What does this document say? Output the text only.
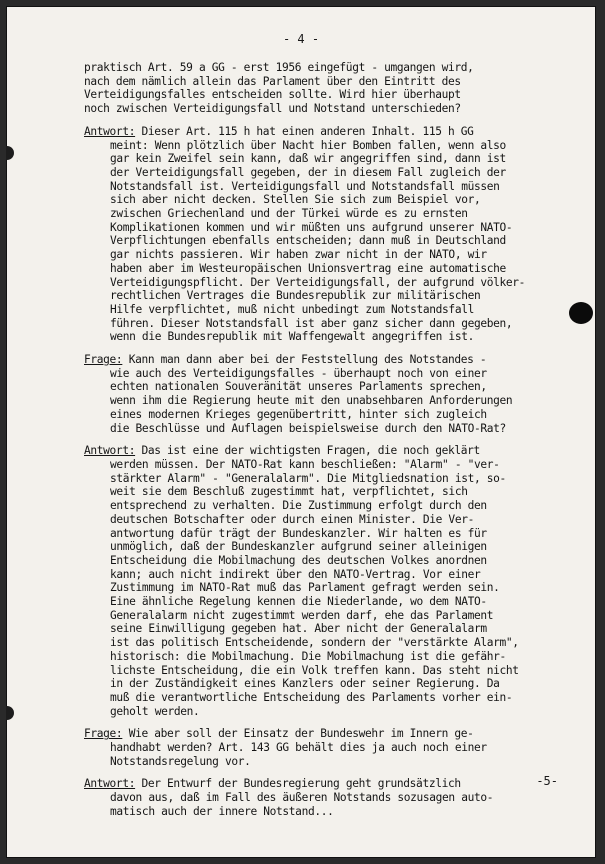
- 4 -
praktisch Art. 59 a GG - erst 1956 eingefügt - umgangen wird,
nach dem nämlich allein das Parlament über den Eintritt des
Verteidigungsfalles entscheiden sollte. Wird hier überhaupt
noch zwischen Verteidigungsfall und Notstand unterschieden?
Antwort: Dieser Art. 115 h hat einen anderen Inhalt. 115 h GG
meint: Wenn plötzlich über Nacht hier Bomben fallen, wenn also
gar kein Zweifel sein kann, daß wir angegriffen sind, dann ist
der Verteidigungsfall gegeben, der in diesem Fall zugleich der
Notstandsfall ist. Verteidigungsfall und Notstandsfall müssen
sich aber nicht decken. Stellen Sie sich zum Beispiel vor,
zwischen Griechenland und der Türkei würde es zu ernsten
Komplikationen kommen und wir müßten uns aufgrund unserer NATO-
Verpflichtungen ebenfalls entscheiden; dann muß in Deutschland
gar nichts passieren. Wir haben zwar nicht in der NATO, wir
haben aber im Westeuropäischen Unionsvertrag eine automatische
Verteidigungspflicht. Der Verteidigungsfall, der aufgrund völker-
rechtlichen Vertrages die Bundesrepublik zur militärischen
Hilfe verpflichtet, muß nicht unbedingt zum Notstandsfall
führen. Dieser Notstandsfall ist aber ganz sicher dann gegeben,
wenn die Bundesrepublik mit Waffengewalt angegriffen ist.
Frage: Kann man dann aber bei der Feststellung des Notstandes -
wie auch des Verteidigungsfalles - überhaupt noch von einer
echten nationalen Souveränität unseres Parlaments sprechen,
wenn ihm die Regierung heute mit den unabsehbaren Anforderungen
eines modernen Krieges gegenübertritt, hinter sich zugleich
die Beschlüsse und Auflagen beispielsweise durch den NATO-Rat?
Antwort: Das ist eine der wichtigsten Fragen, die noch geklärt
werden müssen. Der NATO-Rat kann beschließen: "Alarm" - "ver-
stärkter Alarm" - "Generalalarm". Die Mitgliedsnation ist, so-
weit sie dem Beschluß zugestimmt hat, verpflichtet, sich
entsprechend zu verhalten. Die Zustimmung erfolgt durch den
deutschen Botschafter oder durch einen Minister. Die Ver-
antwortung dafür trägt der Bundeskanzler. Wir halten es für
unmöglich, daß der Bundeskanzler aufgrund seiner alleinigen
Entscheidung die Mobilmachung des deutschen Volkes anordnen
kann; auch nicht indirekt über den NATO-Vertrag. Vor einer
Zustimmung im NATO-Rat muß das Parlament gefragt werden sein.
Eine ähnliche Regelung kennen die Niederlande, wo dem NATO-
Generalalarm nicht zugestimmt werden darf, ehe das Parlament
seine Einwilligung gegeben hat. Aber nicht der Generalalarm
ist das politisch Entscheidende, sondern der "verstärkte Alarm",
historisch: die Mobilmachung. Die Mobilmachung ist die gefähr-
lichste Entscheidung, die ein Volk treffen kann. Das steht nicht
in der Zuständigkeit eines Kanzlers oder seiner Regierung. Da
muß die verantwortliche Entscheidung des Parlaments vorher ein-
geholt werden.
Frage: Wie aber soll der Einsatz der Bundeswehr im Innern ge-
handhabt werden? Art. 143 GG behält dies ja auch noch einer
Notstandsregelung vor.
Antwort: Der Entwurf der Bundesregierung geht grundsätzlich
davon aus, daß im Fall des äußeren Notstands sozusagen auto-
matisch auch der innere Notstand...
-5-
